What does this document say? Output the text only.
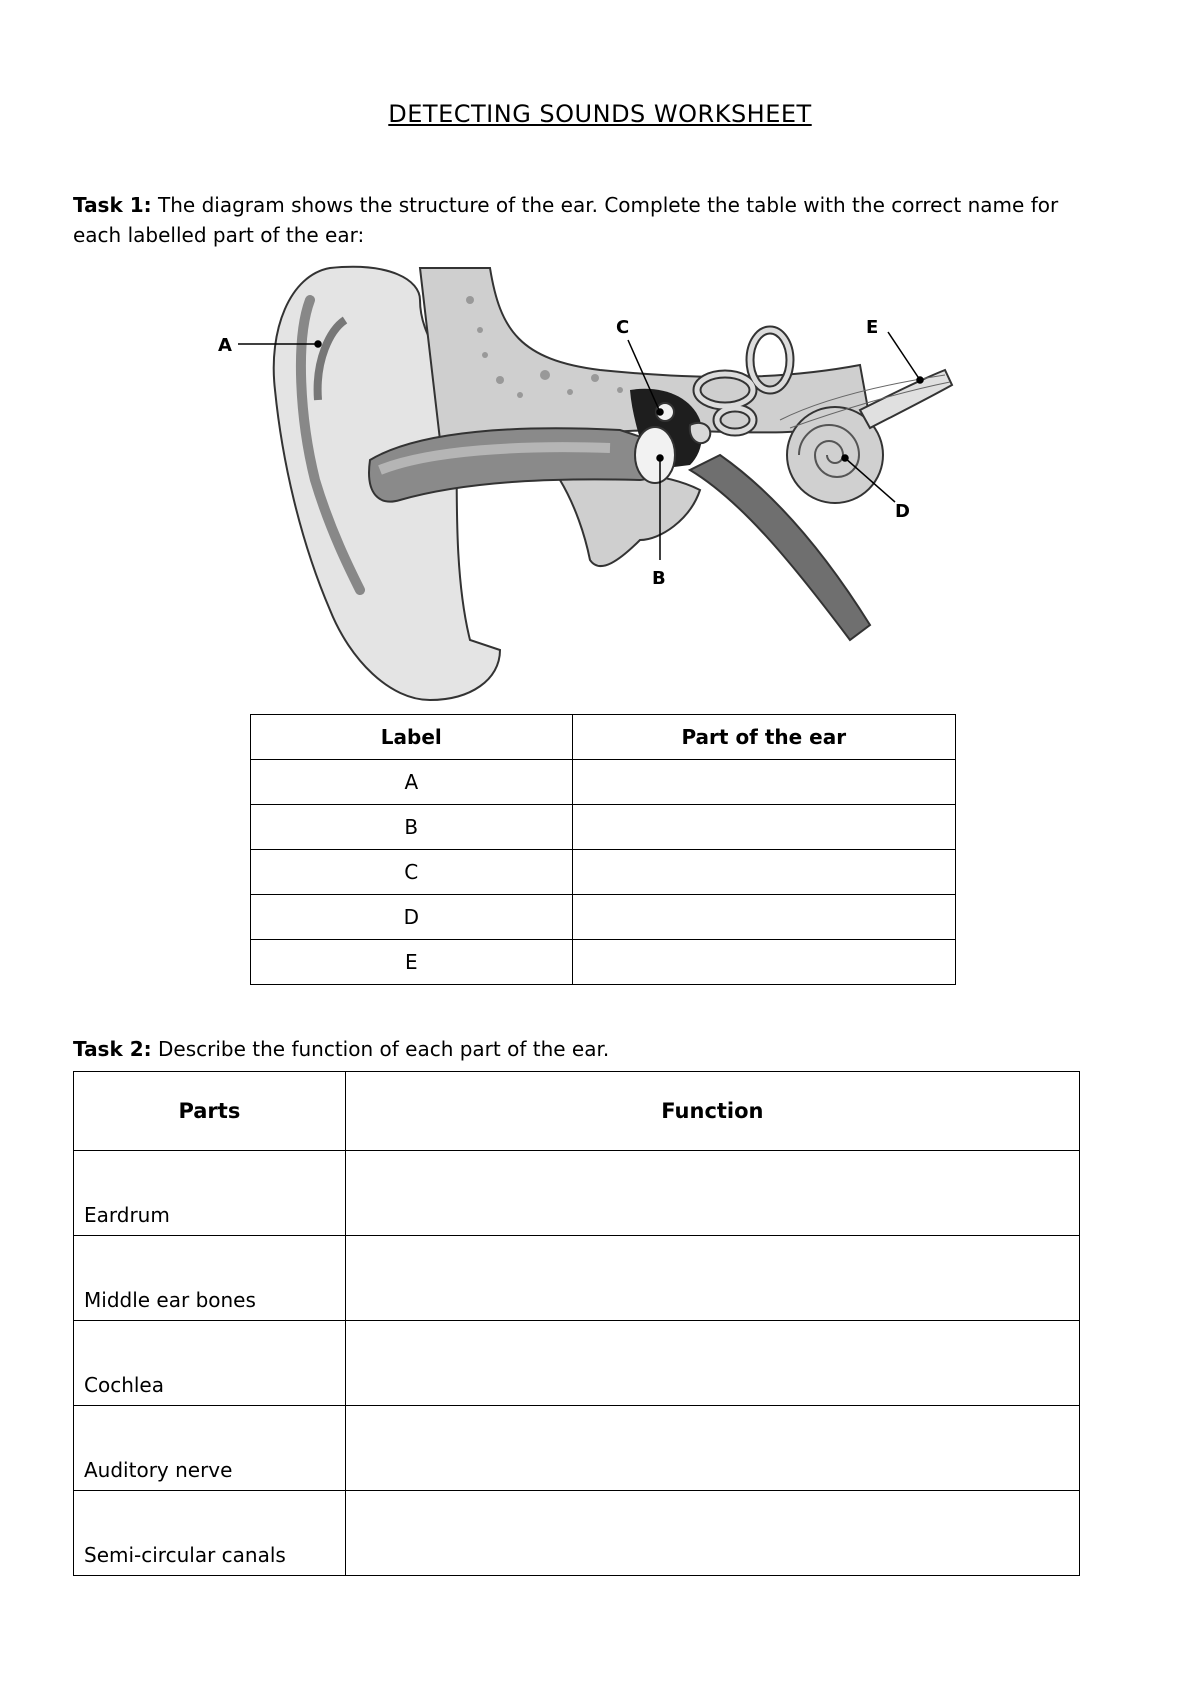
DETECTING SOUNDS WORKSHEET
Task 1: The diagram shows the structure of the ear. Complete the table with the correct name for each labelled part of the ear:
A
B
C
D
E
Label	Part of the ear
A	
B	
C	
D	
E	
Task 2: Describe the function of each part of the ear.
Parts	Function
Eardrum	
Middle ear bones	
Cochlea	
Auditory nerve	
Semi-circular canals	
